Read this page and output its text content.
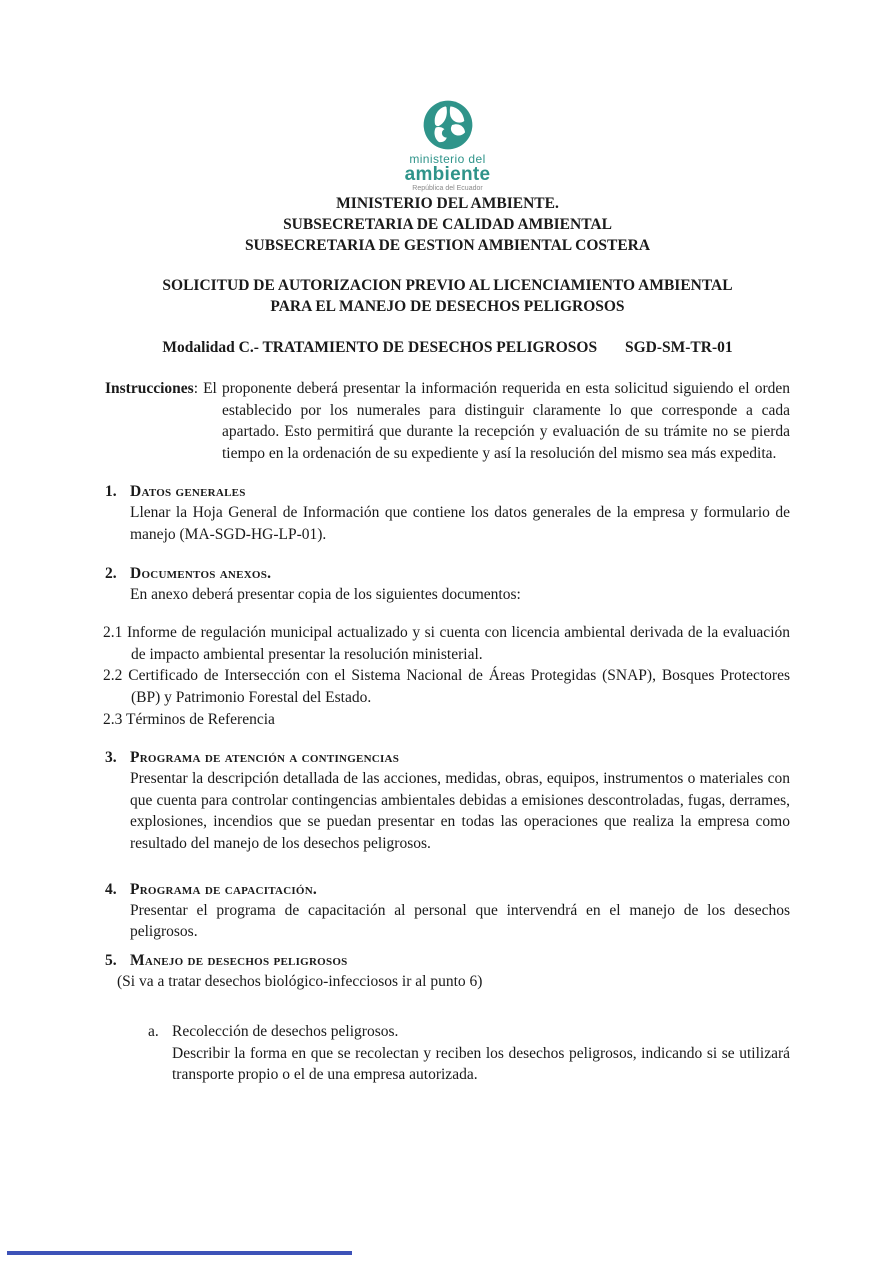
ministerio del
ambiente
República del Ecuador
MINISTERIO DEL AMBIENTE.
SUBSECRETARIA DE CALIDAD AMBIENTAL
SUBSECRETARIA DE GESTION AMBIENTAL COSTERA
SOLICITUD DE AUTORIZACION PREVIO AL LICENCIAMIENTO AMBIENTAL
PARA EL MANEJO DE DESECHOS PELIGROSOS
Modalidad C.- TRATAMIENTO DE DESECHOS PELIGROSOS SGD-SM-TR-01

Instrucciones: El proponente deberá presentar la información requerida en esta solicitud siguiendo el orden establecido por los numerales para distinguir claramente lo que corresponde a cada apartado. Esto permitirá que durante la recepción y evaluación de su trámite no se pierda tiempo en la ordenación de su expediente y así la resolución del mismo sea más expedita.

1. Datos generales

Llenar la Hoja General de Información que contiene los datos generales de la empresa y formulario de manejo (MA-SGD-HG-LP-01).

2. Documentos anexos.

En anexo deberá presentar copia de los siguientes documentos:

2.1 Informe de regulación municipal actualizado y si cuenta con licencia ambiental derivada de la evaluación de impacto ambiental presentar la resolución ministerial.

2.2 Certificado de Intersección con el Sistema Nacional de Áreas Protegidas (SNAP), Bosques Protectores (BP) y Patrimonio Forestal del Estado.

2.3 Términos de Referencia

3. Programa de atención a contingencias

Presentar la descripción detallada de las acciones, medidas, obras, equipos, instrumentos o materiales con que cuenta para controlar contingencias ambientales debidas a emisiones descontroladas, fugas, derrames, explosiones, incendios que se puedan presentar en todas las operaciones que realiza la empresa como resultado del manejo de los desechos peligrosos.

4. Programa de capacitación.

Presentar el programa de capacitación al personal que intervendrá en el manejo de los desechos peligrosos.

5. Manejo de desechos peligrosos

(Si va a tratar desechos biológico-infecciosos ir al punto 6)

a. Recolección de desechos peligrosos.

Describir la forma en que se recolectan y reciben los desechos peligrosos, indicando si se utilizará transporte propio o el de una empresa autorizada.
